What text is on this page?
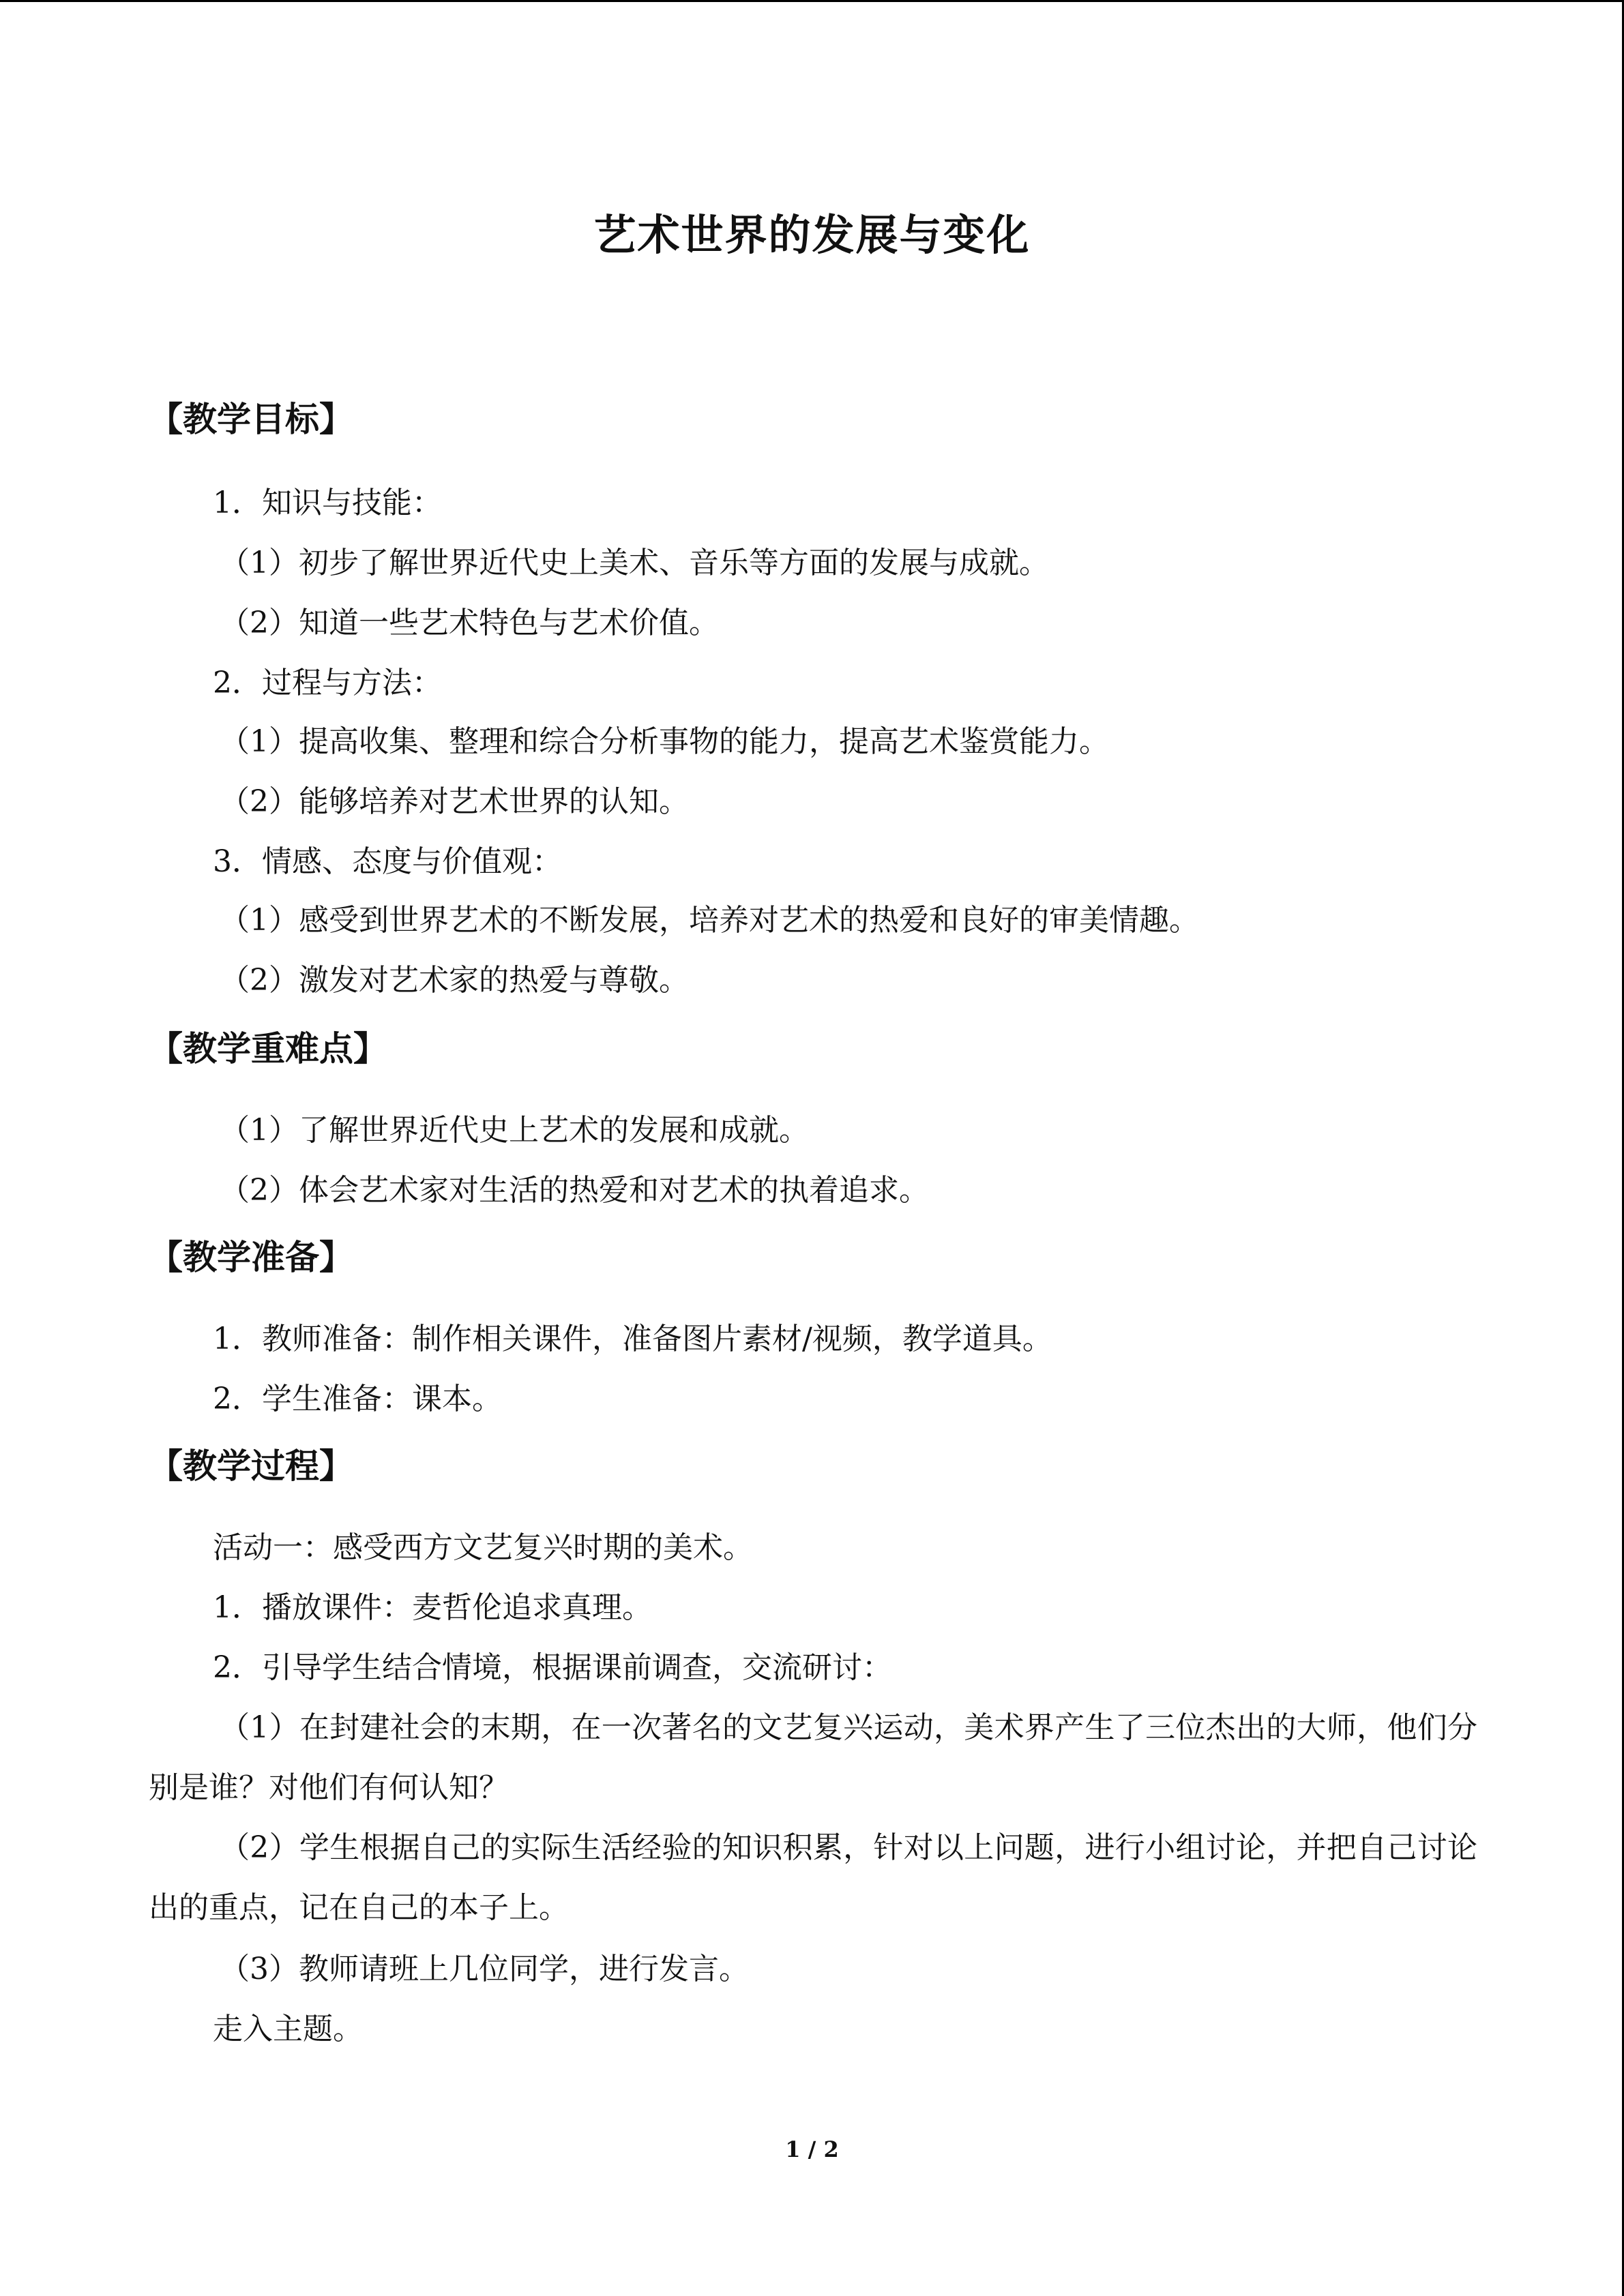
艺术世界的发展与变化
【教学目标】
1．知识与技能：
（1）初步了解世界近代史上美术、音乐等方面的发展与成就。
（2）知道一些艺术特色与艺术价值。
2．过程与方法：
（1）提高收集、整理和综合分析事物的能力，提高艺术鉴赏能力。
（2）能够培养对艺术世界的认知。
3．情感、态度与价值观：
（1）感受到世界艺术的不断发展，培养对艺术的热爱和良好的审美情趣。
（2）激发对艺术家的热爱与尊敬。
【教学重难点】
（1）了解世界近代史上艺术的发展和成就。
（2）体会艺术家对生活的热爱和对艺术的执着追求。
【教学准备】
1．教师准备：制作相关课件，准备图片素材/视频，教学道具。
2．学生准备：课本。
【教学过程】
活动一：感受西方文艺复兴时期的美术。
1．播放课件：麦哲伦追求真理。
2．引导学生结合情境，根据课前调查，交流研讨：
（1）在封建社会的末期，在一次著名的文艺复兴运动，美术界产生了三位杰出的大师，他们分别是谁？对他们有何认知？
（2）学生根据自己的实际生活经验的知识积累，针对以上问题，进行小组讨论，并把自己讨论出的重点，记在自己的本子上。
（3）教师请班上几位同学，进行发言。
走入主题。
1 / 2
